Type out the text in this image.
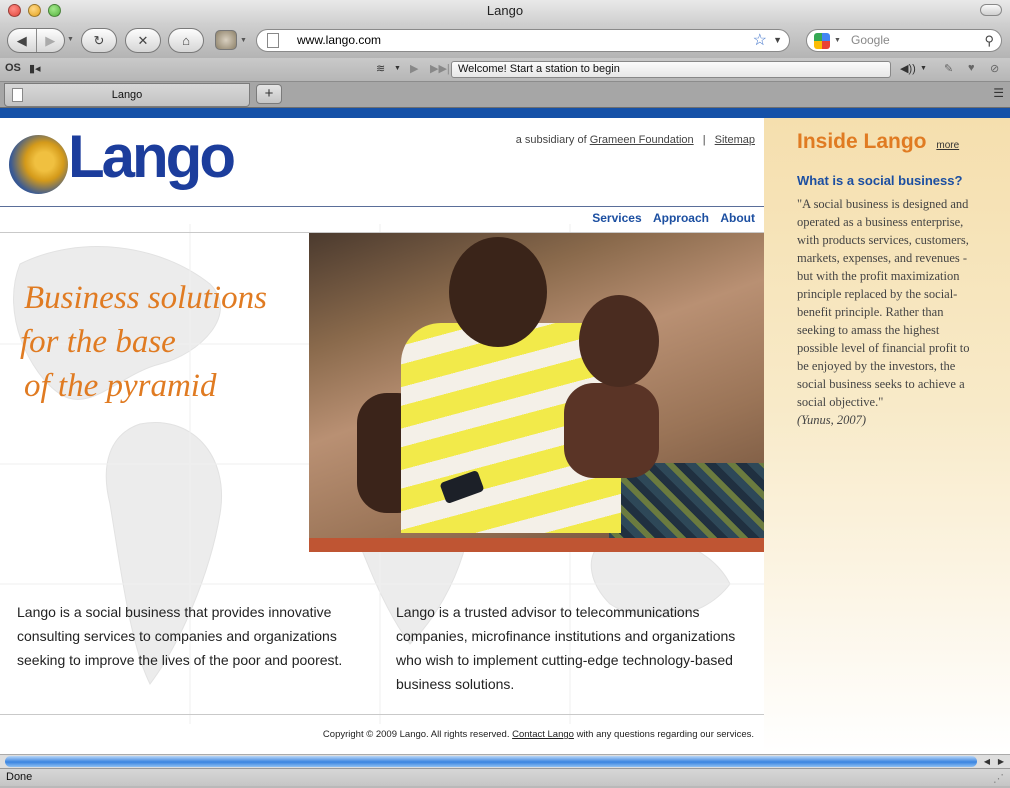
Lango
◀	▶	▼	↻	✕	⌂	▼	www.lango.com	☆ ▼	▼ Google	⚲
OS ▮◂	≋ ▼ ▶ ▶▶| Welcome! Start a station to begin	◀)) ▼ ✎ ♥ ⊘
Lango	+	☰
Lango	a subsidiary of Grameen Foundation | Sitemap
Services Approach About
Business solutions
for the base
of the pyramid

Lango is a social business that provides innovative consulting services to companies and organizations seeking to improve the lives of the poor and poorest.

Lango is a trusted advisor to telecommunications companies, microfinance institutions and organizations who wish to implement cutting-edge technology-based business solutions.

Copyright © 2009 Lango. All rights reserved. Contact Lango with any questions regarding our services.
Inside Lango more
What is a social business?
"A social business is designed and operated as a business enterprise, with products services, customers, markets, expenses, and revenues - but with the profit maximization principle replaced by the social-benefit principle. Rather than seeking to amass the highest possible level of financial profit to be enjoyed by the investors, the social business seeks to achieve a social objective."
(Yunus, 2007)
◀ ▶
Done	⋰
